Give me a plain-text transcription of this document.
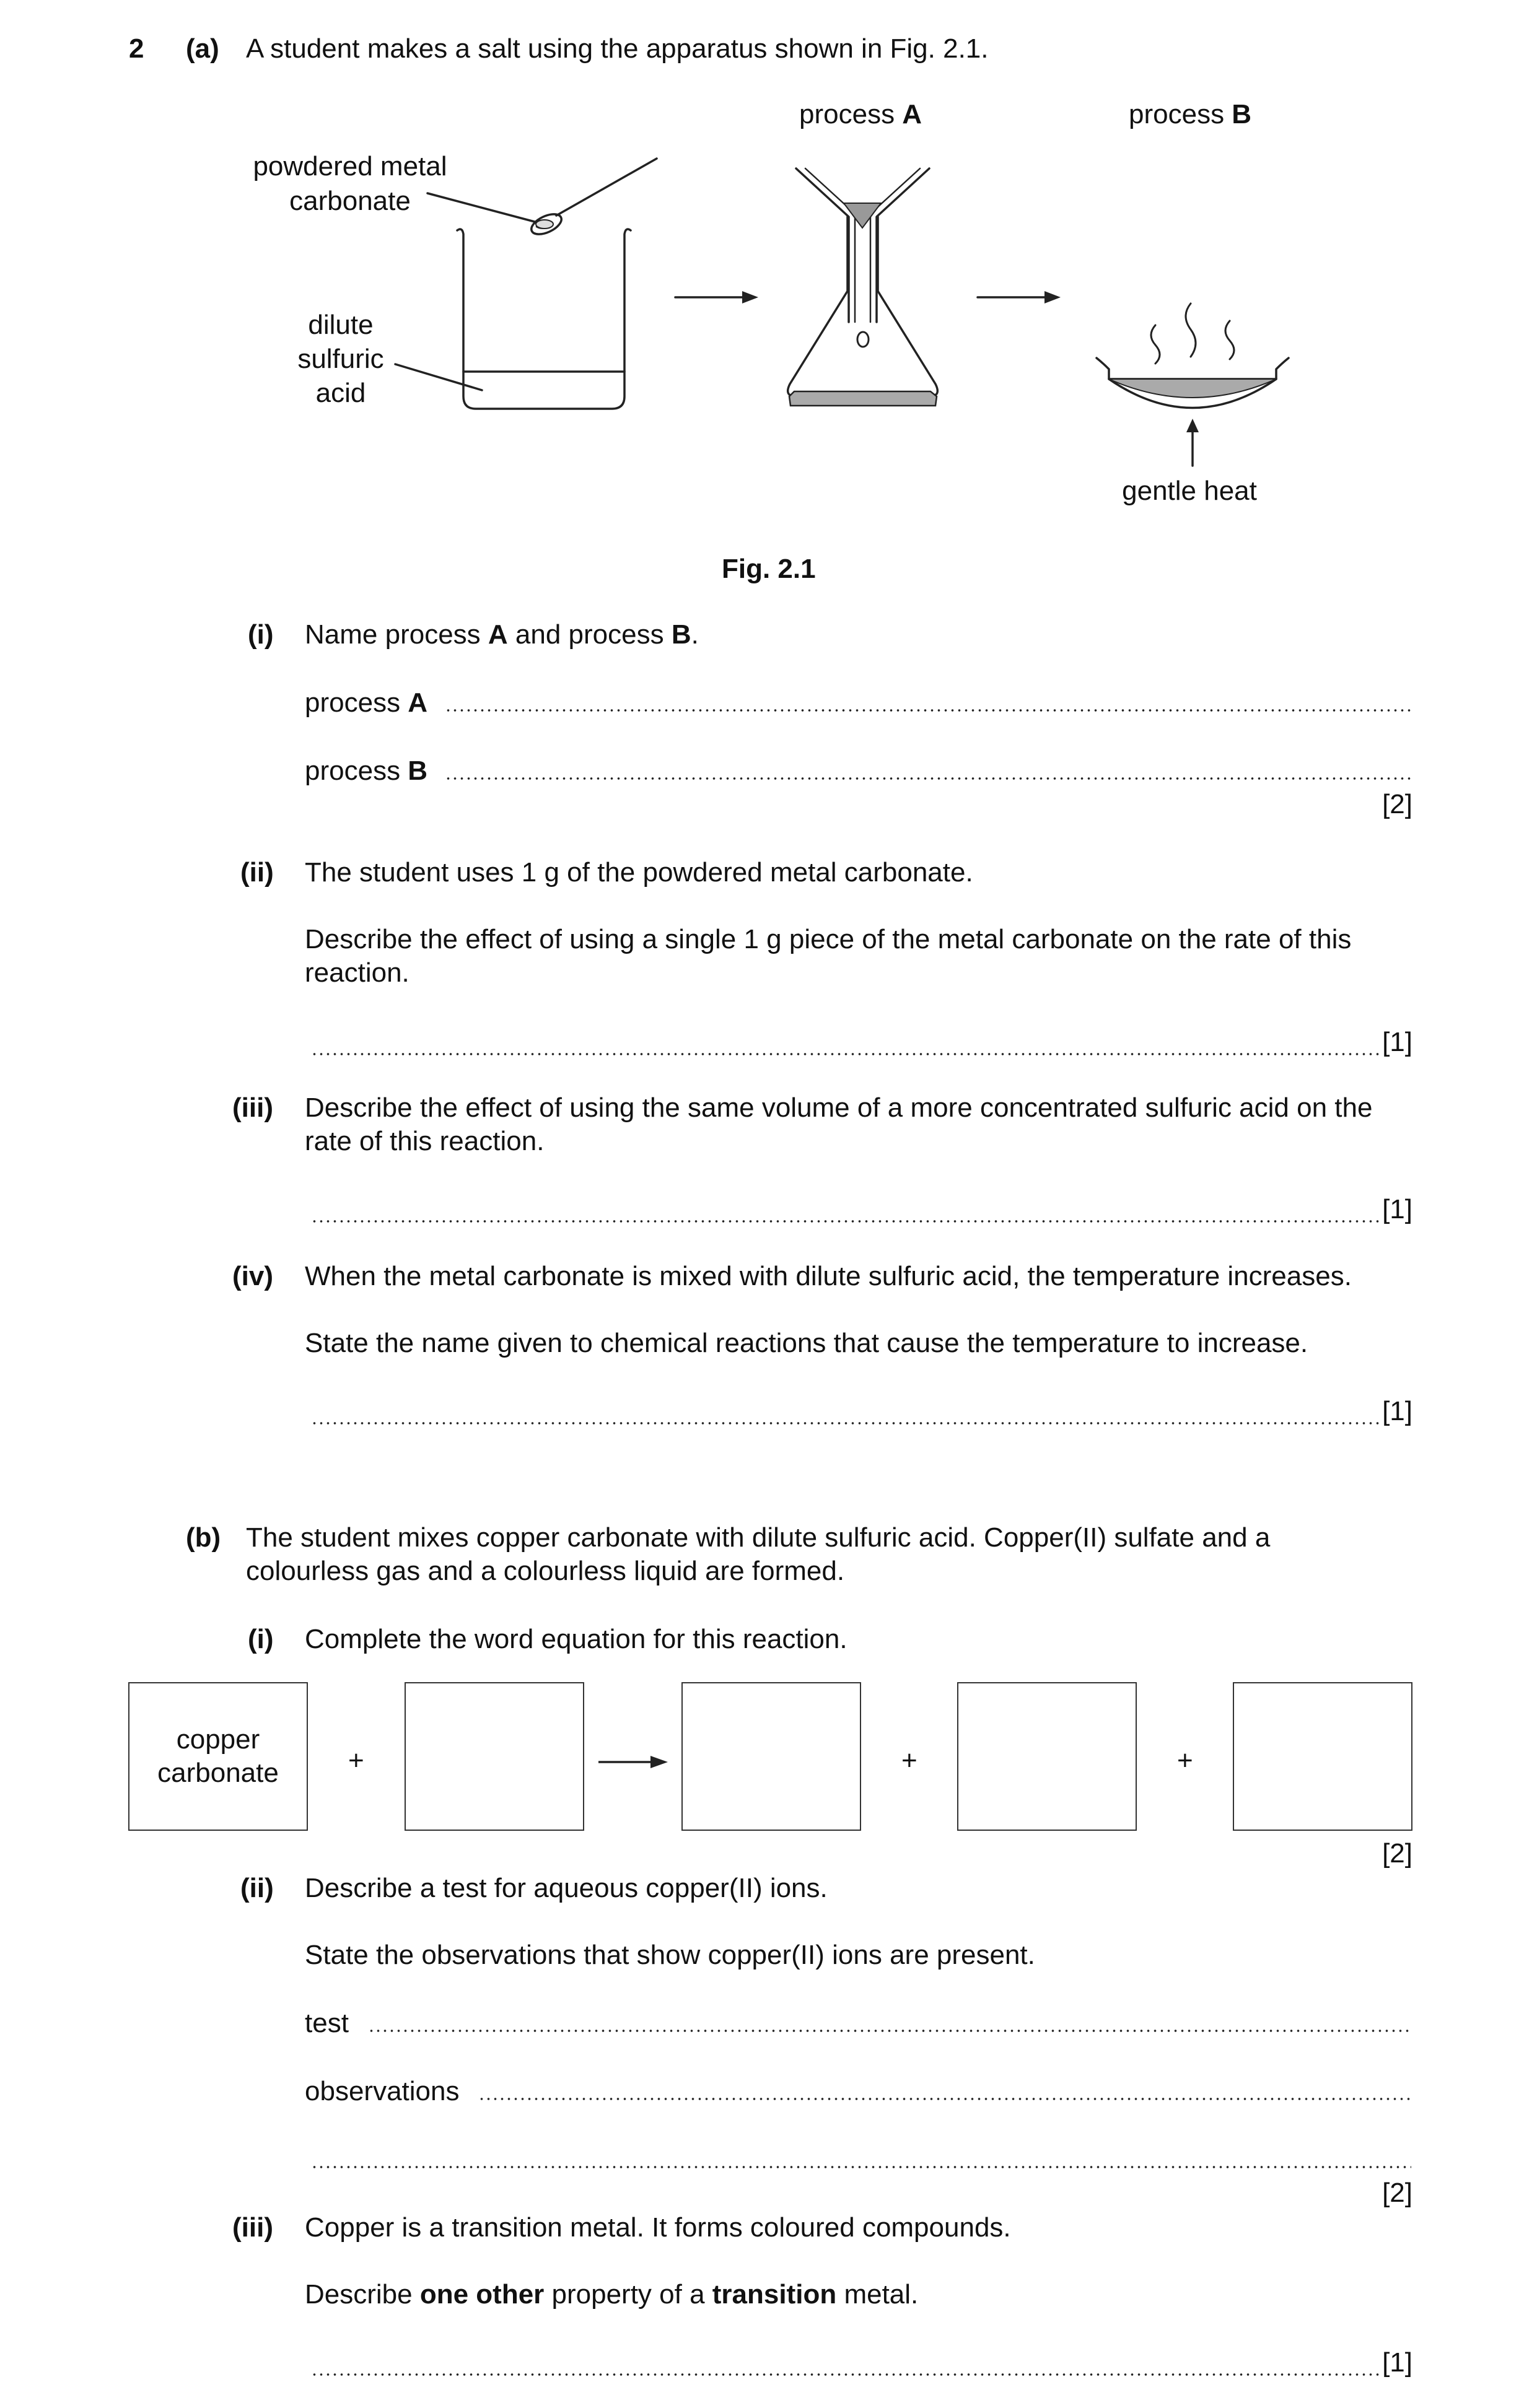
2 (a) A student makes a salt using the apparatus shown in Fig. 2.1.
process A	process B
powdered metal
carbonate
dilute
sulfuric
acid
gentle heat
Fig. 2.1
(i) Name process A and process B.
process A
process B
[2]
(ii) The student uses 1 g of the powdered metal carbonate.
Describe the effect of using a single 1 g piece of the metal carbonate on the rate of this
reaction.
[1]
(iii) Describe the effect of using the same volume of a more concentrated sulfuric acid on the
rate of this reaction.
[1]
(iv) When the metal carbonate is mixed with dilute sulfuric acid, the temperature increases.
State the name given to chemical reactions that cause the temperature to increase.
[1]
(b) The student mixes copper carbonate with dilute sulfuric acid. Copper(II) sulfate and a
colourless gas and a colourless liquid are formed.
(i) Complete the word equation for this reaction.
copper
carbonate	+	+	+
[2]
(ii) Describe a test for aqueous copper(II) ions.
State the observations that show copper(II) ions are present.
test
observations
[2]
(iii) Copper is a transition metal. It forms coloured compounds.
Describe one other property of a transition metal.
[1]
